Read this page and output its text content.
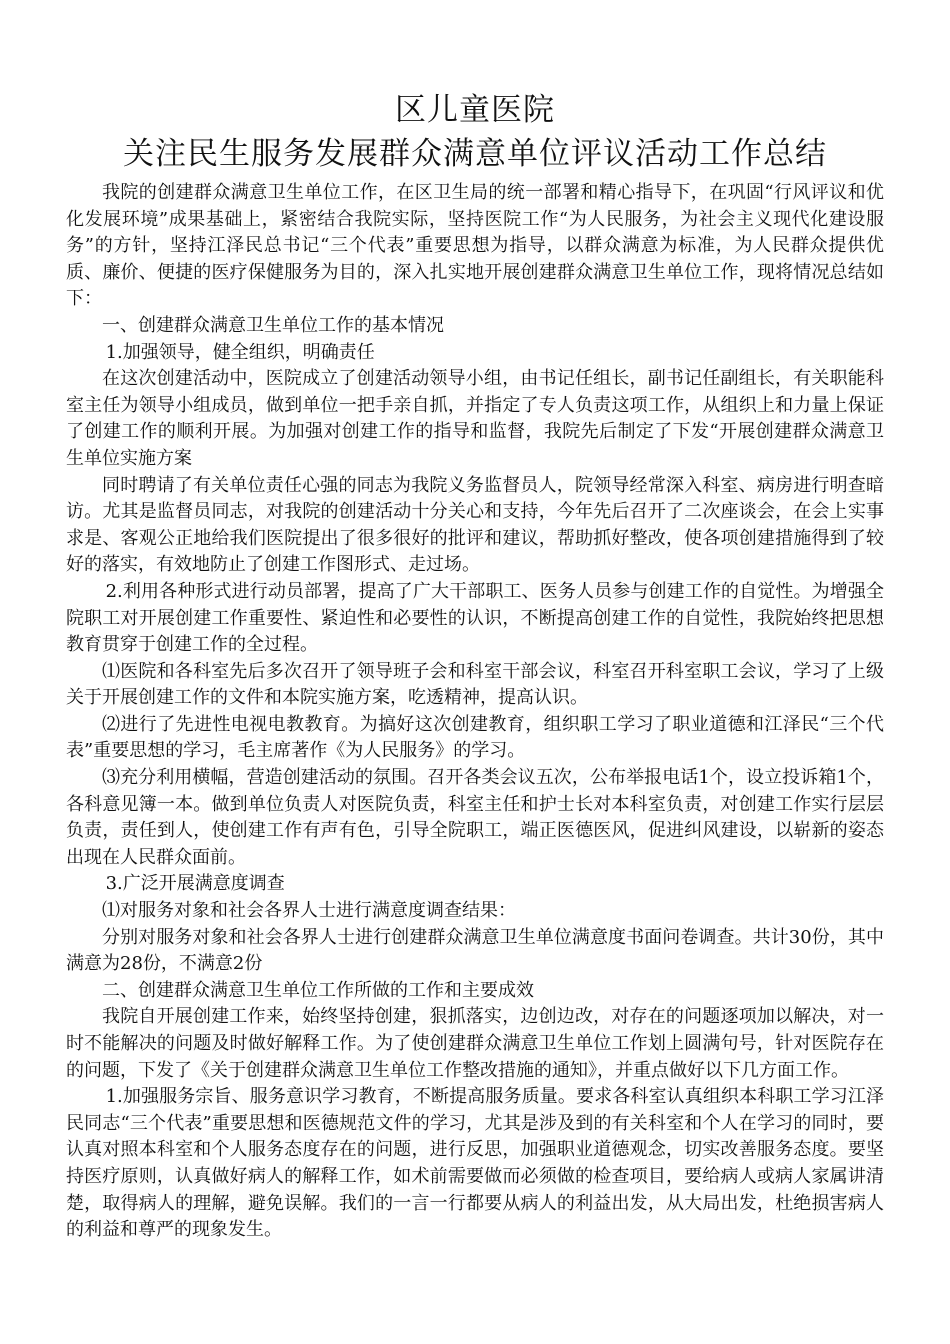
区儿童医院
关注民生服务发展群众满意单位评议活动工作总结

我院的创建群众满意卫生单位工作，在区卫生局的统一部署和精心指导下，在巩固“行风评议和优化发展环境”成果基础上，紧密结合我院实际，坚持医院工作“为人民服务，为社会主义现代化建设服务”的方针，坚持江泽民总书记“三个代表”重要思想为指导，以群众满意为标准，为人民群众提供优质、廉价、便捷的医疗保健服务为目的，深入扎实地开展创建群众满意卫生单位工作，现将情况总结如下：

一、创建群众满意卫生单位工作的基本情况

1.加强领导，健全组织，明确责任

在这次创建活动中，医院成立了创建活动领导小组，由书记任组长，副书记任副组长，有关职能科室主任为领导小组成员，做到单位一把手亲自抓，并指定了专人负责这项工作，从组织上和力量上保证了创建工作的顺利开展。为加强对创建工作的指导和监督，我院先后制定了下发“开展创建群众满意卫生单位实施方案

同时聘请了有关单位责任心强的同志为我院义务监督员人，院领导经常深入科室、病房进行明查暗访。尤其是监督员同志，对我院的创建活动十分关心和支持，今年先后召开了二次座谈会，在会上实事求是、客观公正地给我们医院提出了很多很好的批评和建议，帮助抓好整改，使各项创建措施得到了较好的落实，有效地防止了创建工作图形式、走过场。

2.利用各种形式进行动员部署，提高了广大干部职工、医务人员参与创建工作的自觉性。为增强全院职工对开展创建工作重要性、紧迫性和必要性的认识，不断提高创建工作的自觉性，我院始终把思想教育贯穿于创建工作的全过程。

⑴医院和各科室先后多次召开了领导班子会和科室干部会议，科室召开科室职工会议，学习了上级关于开展创建工作的文件和本院实施方案，吃透精神，提高认识。

⑵进行了先进性电视电教教育。为搞好这次创建教育，组织职工学习了职业道德和江泽民“三个代表”重要思想的学习，毛主席著作《为人民服务》的学习。

⑶充分利用横幅，营造创建活动的氛围。召开各类会议五次，公布举报电话1个，设立投诉箱1个，各科意见簿一本。做到单位负责人对医院负责，科室主任和护士长对本科室负责，对创建工作实行层层负责，责任到人，使创建工作有声有色，引导全院职工，端正医德医风，促进纠风建设，以崭新的姿态出现在人民群众面前。

3.广泛开展满意度调查

⑴对服务对象和社会各界人士进行满意度调查结果：

分别对服务对象和社会各界人士进行创建群众满意卫生单位满意度书面问卷调查。共计30份，其中满意为28份，不满意2份

二、创建群众满意卫生单位工作所做的工作和主要成效

我院自开展创建工作来，始终坚持创建，狠抓落实，边创边改，对存在的问题逐项加以解决，对一时不能解决的问题及时做好解释工作。为了使创建群众满意卫生单位工作划上圆满句号，针对医院存在的问题，下发了《关于创建群众满意卫生单位工作整改措施的通知》，并重点做好以下几方面工作。

1.加强服务宗旨、服务意识学习教育，不断提高服务质量。要求各科室认真组织本科职工学习江泽民同志“三个代表”重要思想和医德规范文件的学习，尤其是涉及到的有关科室和个人在学习的同时，要认真对照本科室和个人服务态度存在的问题，进行反思，加强职业道德观念，切实改善服务态度。要坚持医疗原则，认真做好病人的解释工作，如术前需要做而必须做的检查项目，要给病人或病人家属讲清楚，取得病人的理解，避免误解。我们的一言一行都要从病人的利益出发，从大局出发，杜绝损害病人的利益和尊严的现象发生。
